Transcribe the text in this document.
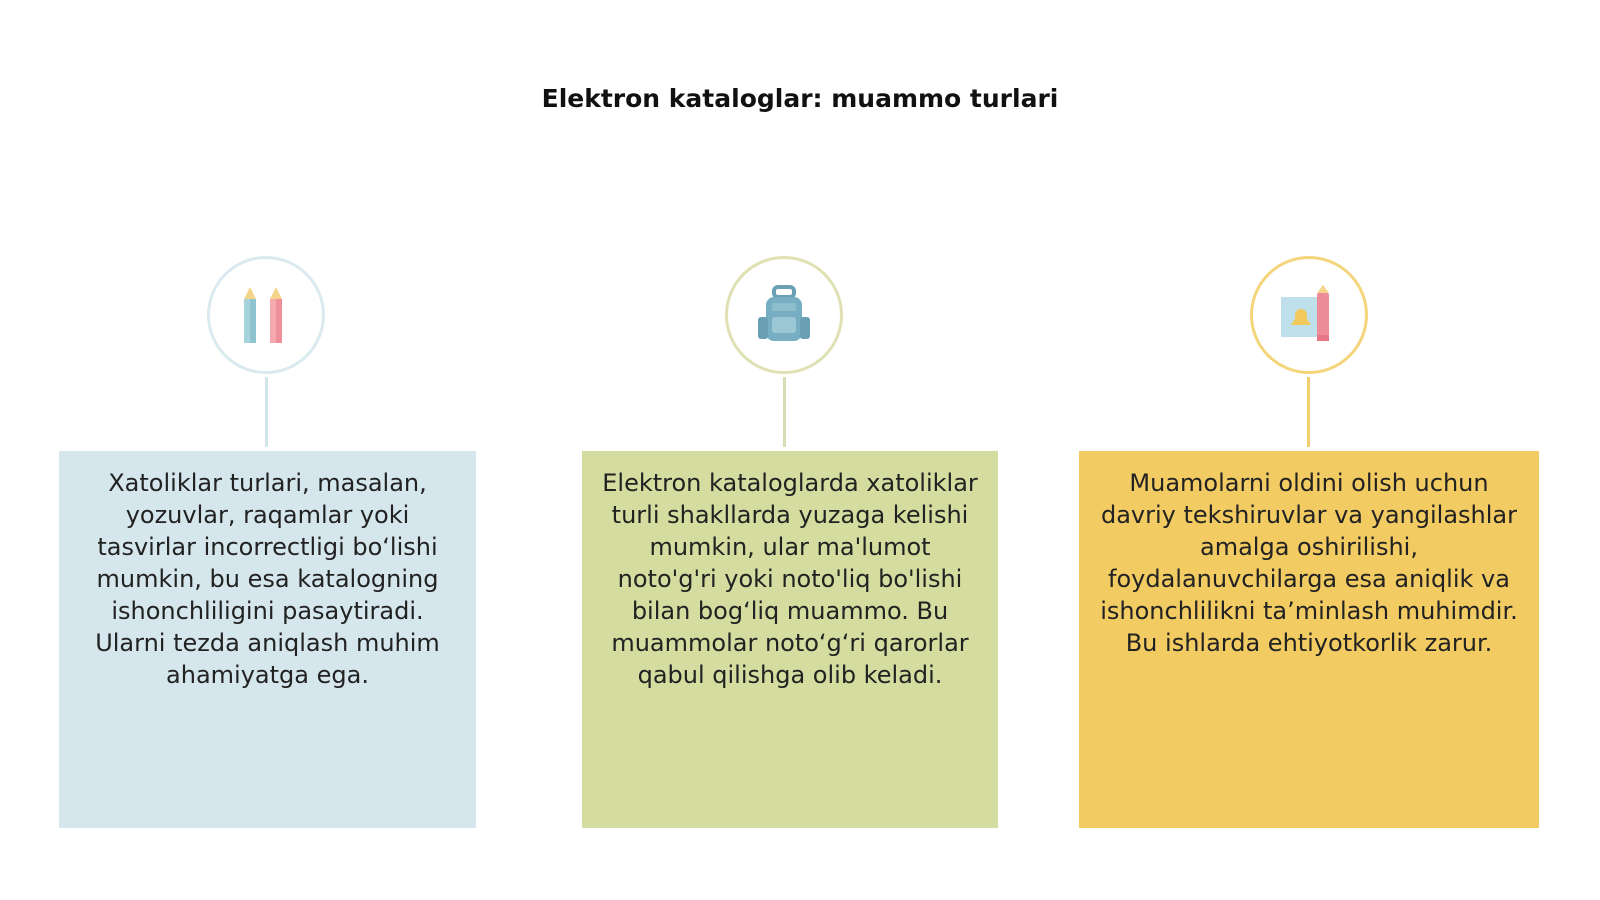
Elektron kataloglar: muammo turlari
Xatoliklar turlari, masalan, yozuvlar, raqamlar yoki tasvirlar incorrectligi bo‘lishi mumkin, bu esa katalogning ishonchliligini pasaytiradi. Ularni tezda aniqlash muhim ahamiyatga ega.
Elektron kataloglarda xatoliklar turli shakllarda yuzaga kelishi mumkin, ular ma'lumot noto'g'ri yoki noto'liq bo'lishi bilan bog‘liq muammo. Bu muammolar noto‘g‘ri qarorlar qabul qilishga olib keladi.
Muamolarni oldini olish uchun davriy tekshiruvlar va yangilashlar amalga oshirilishi, foydalanuvchilarga esa aniqlik va ishonchlilikni ta’minlash muhimdir. Bu ishlarda ehtiyotkorlik zarur.
